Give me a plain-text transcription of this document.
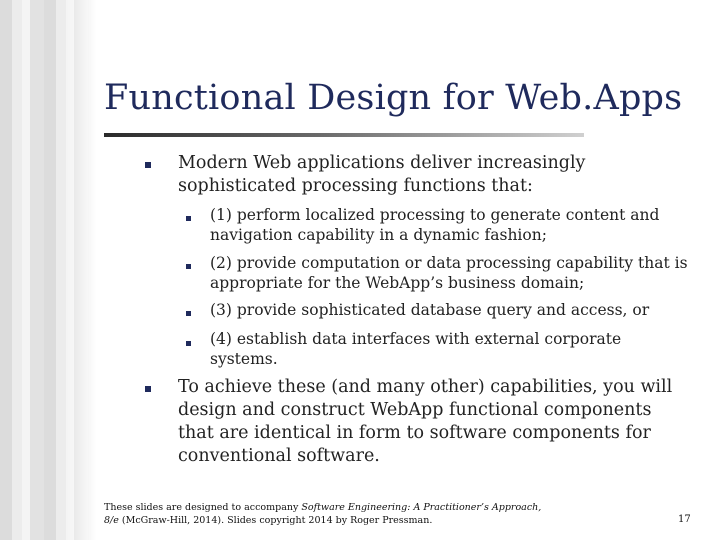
Functional Design for Web.Apps
Modern Web applications deliver increasingly sophisticated processing functions that:
(1) perform localized processing to generate content and navigation capability in a dynamic fashion;
(2) provide computation or data processing capability that is appropriate for the WebApp’s business domain;
(3) provide sophisticated database query and access, or
(4) establish data interfaces with external corporate systems.
To achieve these (and many other) capabilities, you will design and construct WebApp functional components that are identical in form to software components for conventional software.
These slides are designed to accompany Software Engineering: A Practitioner’s Approach,
8/e (McGraw-Hill, 2014). Slides copyright 2014 by Roger Pressman.	17
